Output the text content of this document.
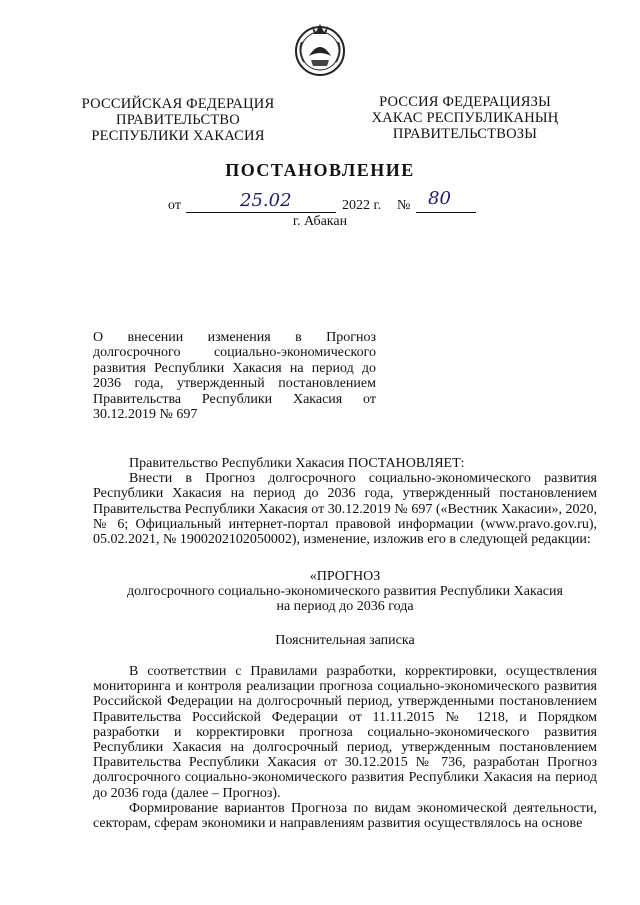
РОССИЙСКАЯ ФЕДЕРАЦИЯ
ПРАВИТЕЛЬСТВО
РЕСПУБЛИКИ ХАКАСИЯ
РОССИЯ ФЕДЕРАЦИЯЗЫ
ХАКАС РЕСПУБЛИКАНЫҢ
ПРАВИТЕЛЬСТВОЗЫ
ПОСТАНОВЛЕНИЕ
от	25.02	2022 г. № 80
г. Абакан
О внесении изменения в Прогноз долгосрочного социально-экономического развития Республики Хакасия на период до 2036 года, утвержденный постановлением Правительства Республики Хакасия от 30.12.2019 № 697

Правительство Республики Хакасия ПОСТАНОВЛЯЕТ:

Внести в Прогноз долгосрочного социально-экономического развития Республики Хакасия на период до 2036 года, утвержденный постановлением Правительства Республики Хакасия от 30.12.2019 № 697 («Вестник Хакасии», 2020, № 6; Официальный интернет-портал правовой информации (www.pravo.gov.ru), 05.02.2021, № 1900202102050002), изменение, изложив его в следующей редакции:

«ПРОГНОЗ

долгосрочного социально-экономического развития Республики Хакасия

на период до 2036 года

Пояснительная записка

В соответствии с Правилами разработки, корректировки, осуществления мониторинга и контроля реализации прогноза социально-экономического развития Российской Федерации на долгосрочный период, утвержденными постановлением Правительства Российской Федерации от 11.11.2015 № 1218, и Порядком разработки и корректировки прогноза социально-экономического развития Республики Хакасия на долгосрочный период, утвержденным постановлением Правительства Республики Хакасия от 30.12.2015 № 736, разработан Прогноз долгосрочного социально-экономического развития Республики Хакасия на период до 2036 года (далее – Прогноз).

Формирование вариантов Прогноза по видам экономической деятельности, секторам, сферам экономики и направлениям развития осуществлялось на основе
